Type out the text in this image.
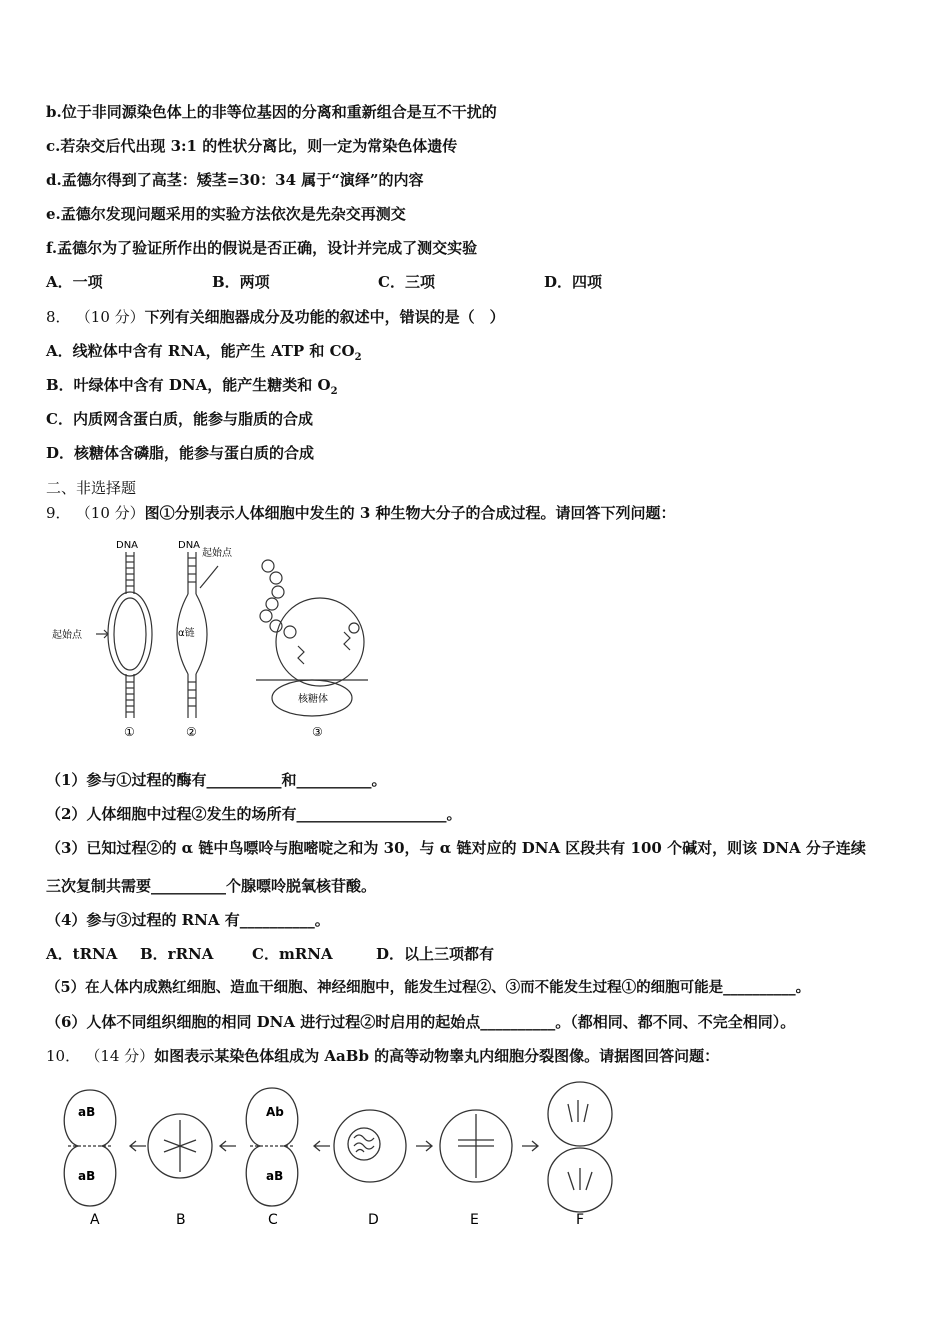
b.位于非同源染色体上的非等位基因的分离和重新组合是互不干扰的
c.若杂交后代出现 3:1 的性状分离比，则一定为常染色体遗传
d.孟德尔得到了高茎：矮茎=30：34 属于“演绎”的内容
e.孟德尔发现问题采用的实验方法依次是先杂交再测交
f.孟德尔为了验证所作出的假说是否正确，设计并完成了测交实验
A．一项	B．两项	C．三项	D．四项
8． （10 分）下列有关细胞器成分及功能的叙述中，错误的是（　）
A．线粒体中含有 RNA，能产生 ATP 和 $CO_2$
B．叶绿体中含有 DNA，能产生糖类和 $O_2$
C．内质网含蛋白质，能参与脂质的合成
D．核糖体含磷脂，能参与蛋白质的合成
二、非选择题
9． （10 分）图①分别表示人体细胞中发生的 3 种生物大分子的合成过程。请回答下列问题：
DNA
起始点
①
DNA
起始点
α链
②
核糖体
③
（1）参与①过程的酶有__________和__________。
（2）人体细胞中过程②发生的场所有____________________。
（3）已知过程②的 α 链中鸟嘌呤与胞嘧啶之和为 30，与 α 链对应的 DNA 区段共有 100 个碱对，则该 DNA 分子连续
三次复制共需要__________个腺嘌呤脱氧核苷酸。
（4）参与③过程的 RNA 有__________。
A．tRNA B．rRNA	C．mRNA	D．以上三项都有
（5）在人体内成熟红细胞、造血干细胞、神经细胞中，能发生过程②、③而不能发生过程①的细胞可能是__________。
（6）人体不同组织细胞的相同 DNA 进行过程②时启用的起始点__________。（都相同、都不同、不完全相同）。
10． （14 分）如图表示某染色体组成为 AaBb 的高等动物睾丸内细胞分裂图像。请据图回答问题：
aB
aB
Ab
aB
A	B	C	D	E	F
